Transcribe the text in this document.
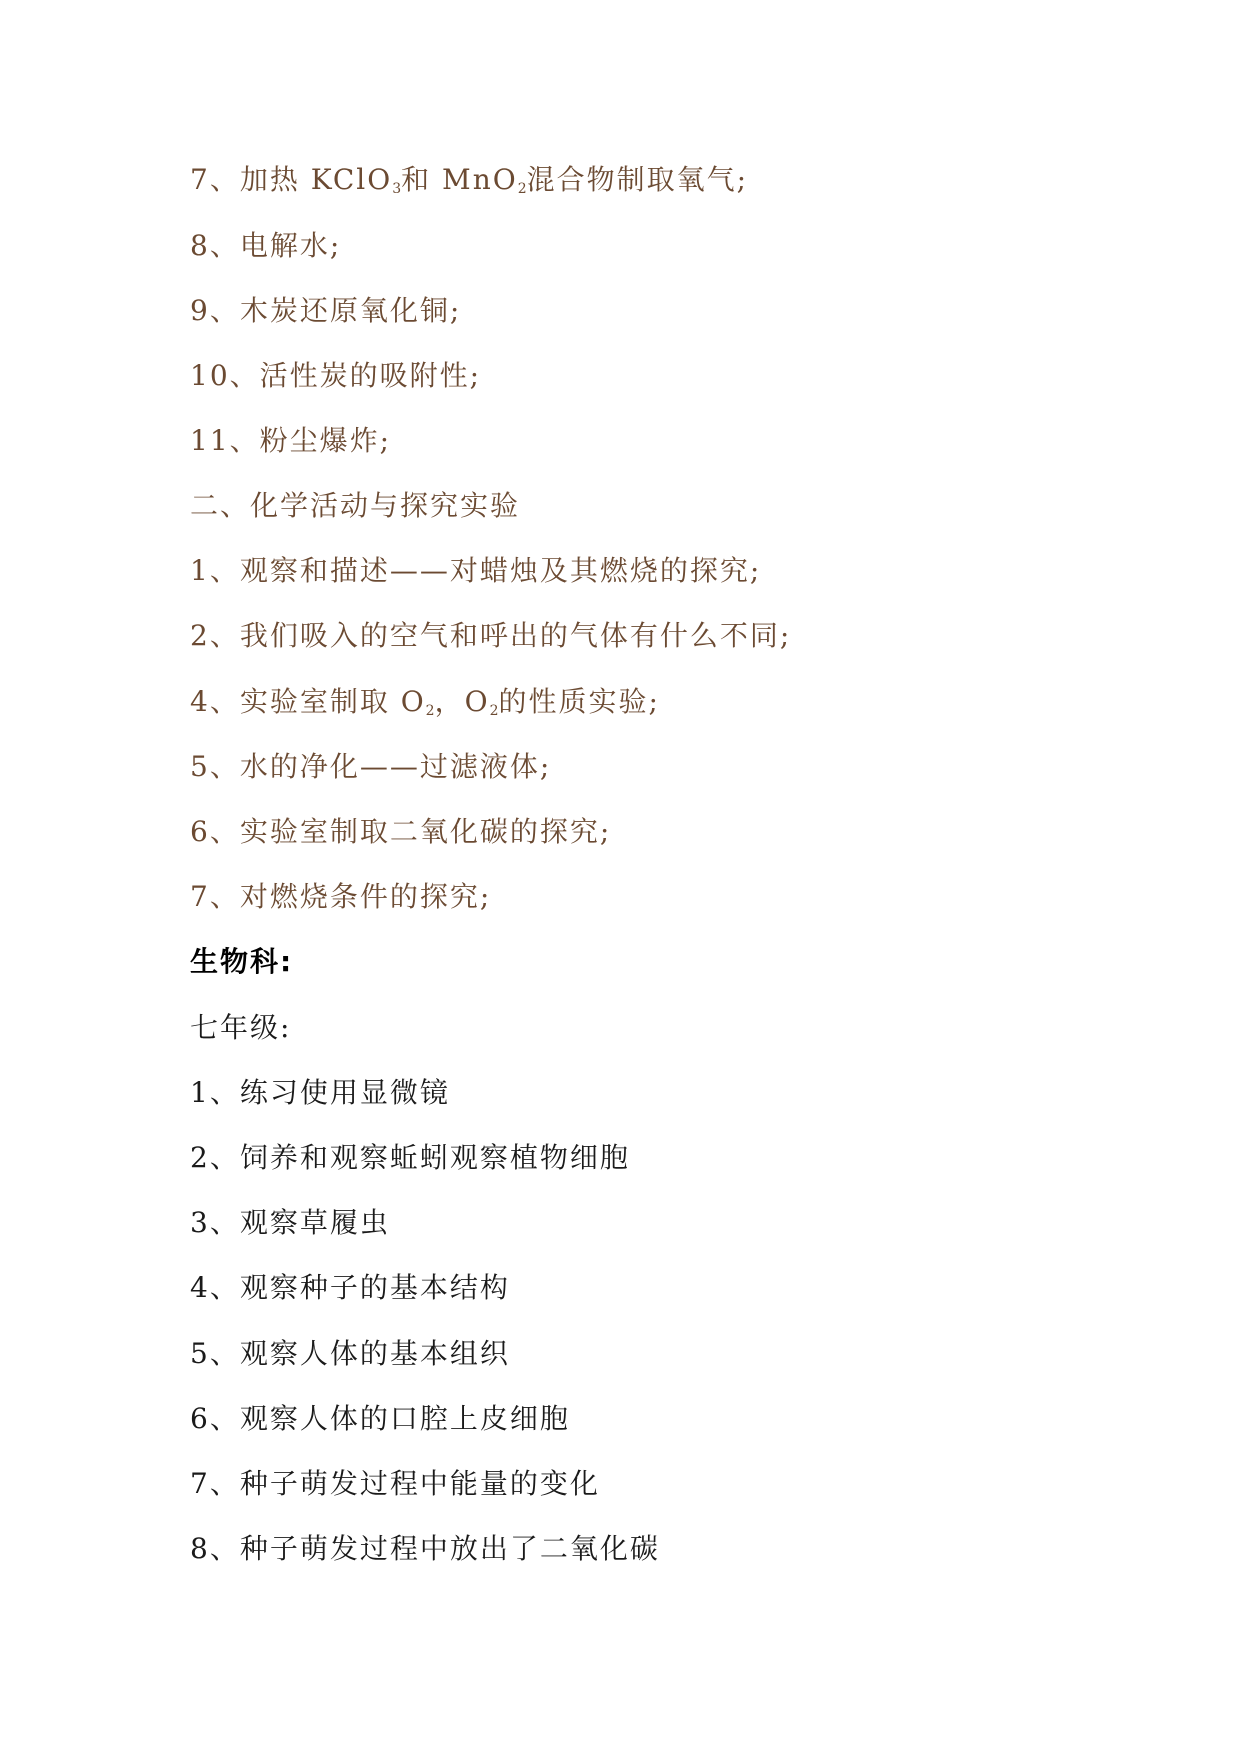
7、加热 KClO$_3$和 MnO$_2$混合物制取氧气;
8、电解水;
9、木炭还原氧化铜;
10、活性炭的吸附性;
11、粉尘爆炸;
二、化学活动与探究实验
1、观察和描述——对蜡烛及其燃烧的探究;
2、我们吸入的空气和呼出的气体有什么不同;
4、实验室制取 $O_2$，$O_2$的性质实验;
5、水的净化——过滤液体;
6、实验室制取二氧化碳的探究;
7、对燃烧条件的探究;
生物科:
七年级:
1、练习使用显微镜
2、饲养和观察蚯蚓观察植物细胞
3、观察草履虫
4、观察种子的基本结构
5、观察人体的基本组织
6、观察人体的口腔上皮细胞
7、种子萌发过程中能量的变化
8、种子萌发过程中放出了二氧化碳
